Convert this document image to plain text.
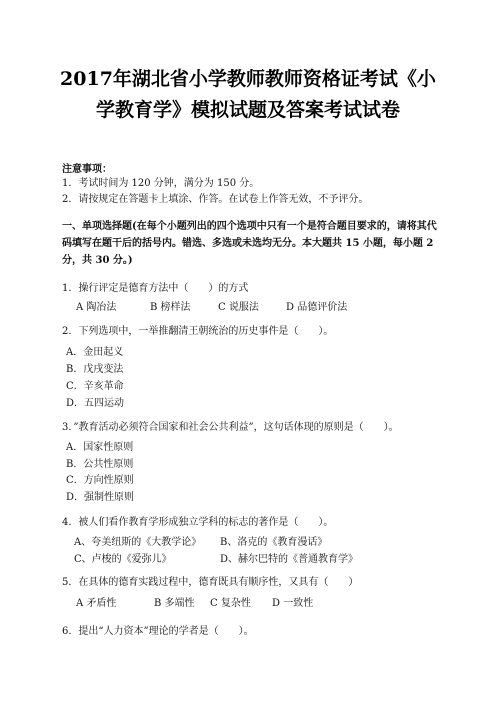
2017年湖北省小学教师教师资格证考试《小
学教育学》模拟试题及答案考试试卷
注意事项：
1．考试时间为 120 分钟，满分为 150 分。
2．请按规定在答题卡上填涂、作答。在试卷上作答无效，不予评分。
一、单项选择题(在每个小题列出的四个选项中只有一个是符合题目要求的，请将其代码填写在题干后的括号内。错选、多选或未选均无分。本大题共 15 小题，每小题 2 分，共 30 分。)
1．操行评定是德育方法中（　　）的方式
A 陶冶法	B 榜样法	C 说服法	D 品德评价法
2．下列选项中，一举推翻清王朝统治的历史事件是（　　）。
A．金田起义
B．戊戌变法
C．辛亥革命
D．五四运动
3．”教育活动必须符合国家和社会公共利益”，这句话体现的原则是（　　）。
A．国家性原则
B．公共性原则
C．方向性原则
D．强制性原则
4．被人们看作教育学形成独立学科的标志的著作是（　　）。
A、夸美纽斯的《大教学论》 B、洛克的《教育漫话》
C、卢梭的《爱弥儿》	D、赫尔巴特的《普通教育学》
5．在具体的德育实践过程中，德育既具有顺序性，又具有（　　）
A 矛盾性	B 多端性 C 复杂性 D 一致性
6．提出“人力资本”理论的学者是（　　）。
